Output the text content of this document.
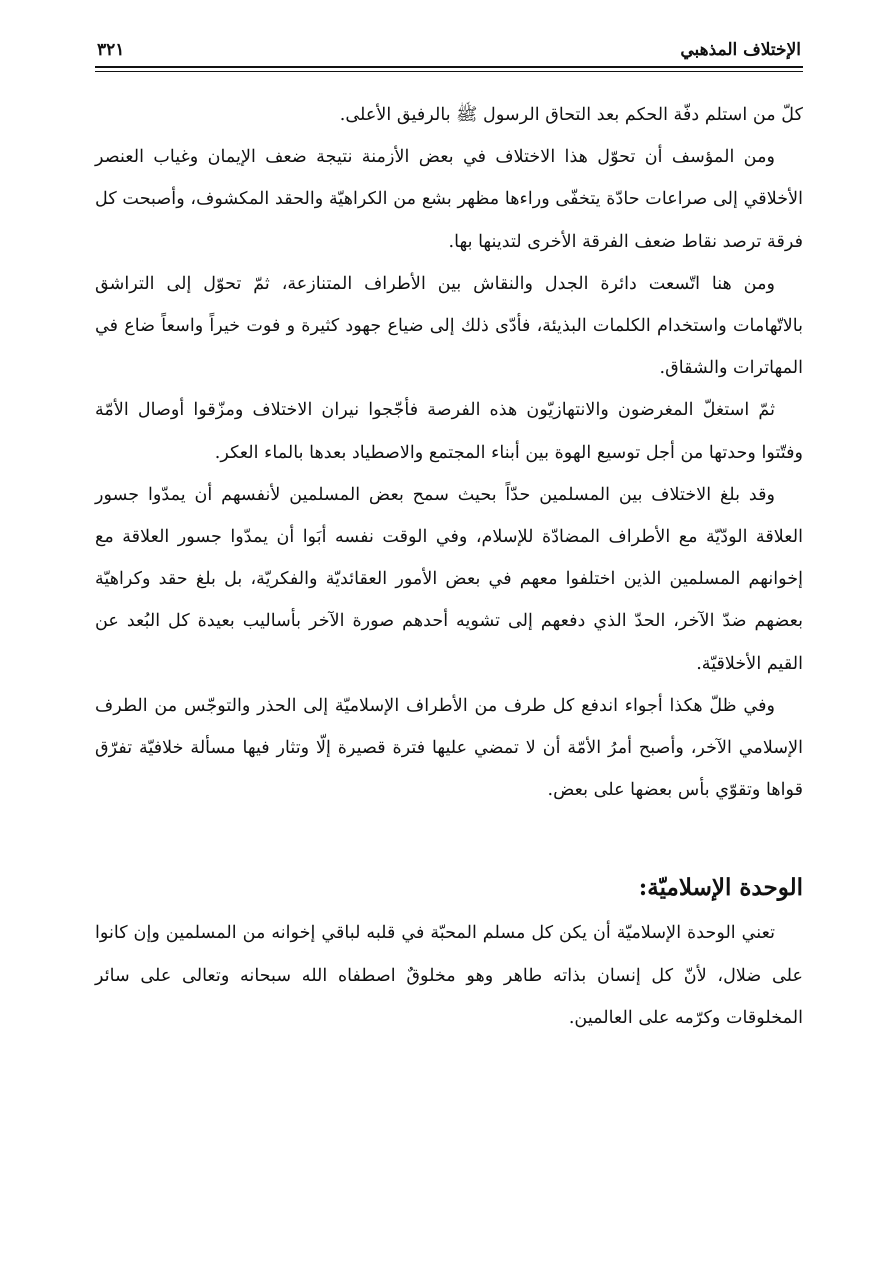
الإختلاف المذهبي
٣٢١

كلّ من استلم دفّة الحكم بعد التحاق الرسول ﷺ بالرفيق الأعلى.

ومن المؤسف أن تحوّل هذا الاختلاف في بعض الأزمنة نتيجة ضعف الإيمان وغياب العنصر الأخلاقي إلى صراعات حادّة يتخفّى وراءها مظهر بشع من الكراهيّة والحقد المكشوف، وأصبحت كل فرقة ترصد نقاط ضعف الفرقة الأخرى لتدينها بها.

ومن هنا اتّسعت دائرة الجدل والنقاش بين الأطراف المتنازعة، ثمّ تحوّل إلى التراشق بالاتّهامات واستخدام الكلمات البذيئة، فأدّى ذلك إلى ضياع جهود كثيرة و فوت خيراً واسعاً ضاع في المهاترات والشقاق.

ثمّ استغلّ المغرضون والانتهازيّون هذه الفرصة فأجّجوا نيران الاختلاف ومزّقوا أوصال الأمّة وفتّتوا وحدتها من أجل توسيع الهوة بين أبناء المجتمع والاصطياد بعدها بالماء العكر.

وقد بلغ الاختلاف بين المسلمين حدّاً بحيث سمح بعض المسلمين لأنفسهم أن يمدّوا جسور العلاقة الودّيّة مع الأطراف المضادّة للإسلام، وفي الوقت نفسه أبَوا أن يمدّوا جسور العلاقة مع إخوانهم المسلمين الذين اختلفوا معهم في بعض الأمور العقائديّة والفكريّة، بل بلغ حقد وكراهيّة بعضهم ضدّ الآخر، الحدّ الذي دفعهم إلى تشويه أحدهم صورة الآخر بأساليب بعيدة كل البُعد عن القيم الأخلاقيّة.

وفي ظلّ هكذا أجواء اندفع كل طرف من الأطراف الإسلاميّة إلى الحذر والتوجّس من الطرف الإسلامي الآخر، وأصبح أمرُ الأمّة أن لا تمضي عليها فترة قصيرة إلّا وتثار فيها مسألة خلافيّة تفرّق قواها وتقوّي بأس بعضها على بعض.

الوحدة الإسلاميّة:

تعني الوحدة الإسلاميّة أن يكن كل مسلم المحبّة في قلبه لباقي إخوانه من المسلمين وإن كانوا على ضلال، لأنّ كل إنسان بذاته طاهر وهو مخلوقٌ اصطفاه الله سبحانه وتعالى على سائر المخلوقات وكرّمه على العالمين.
